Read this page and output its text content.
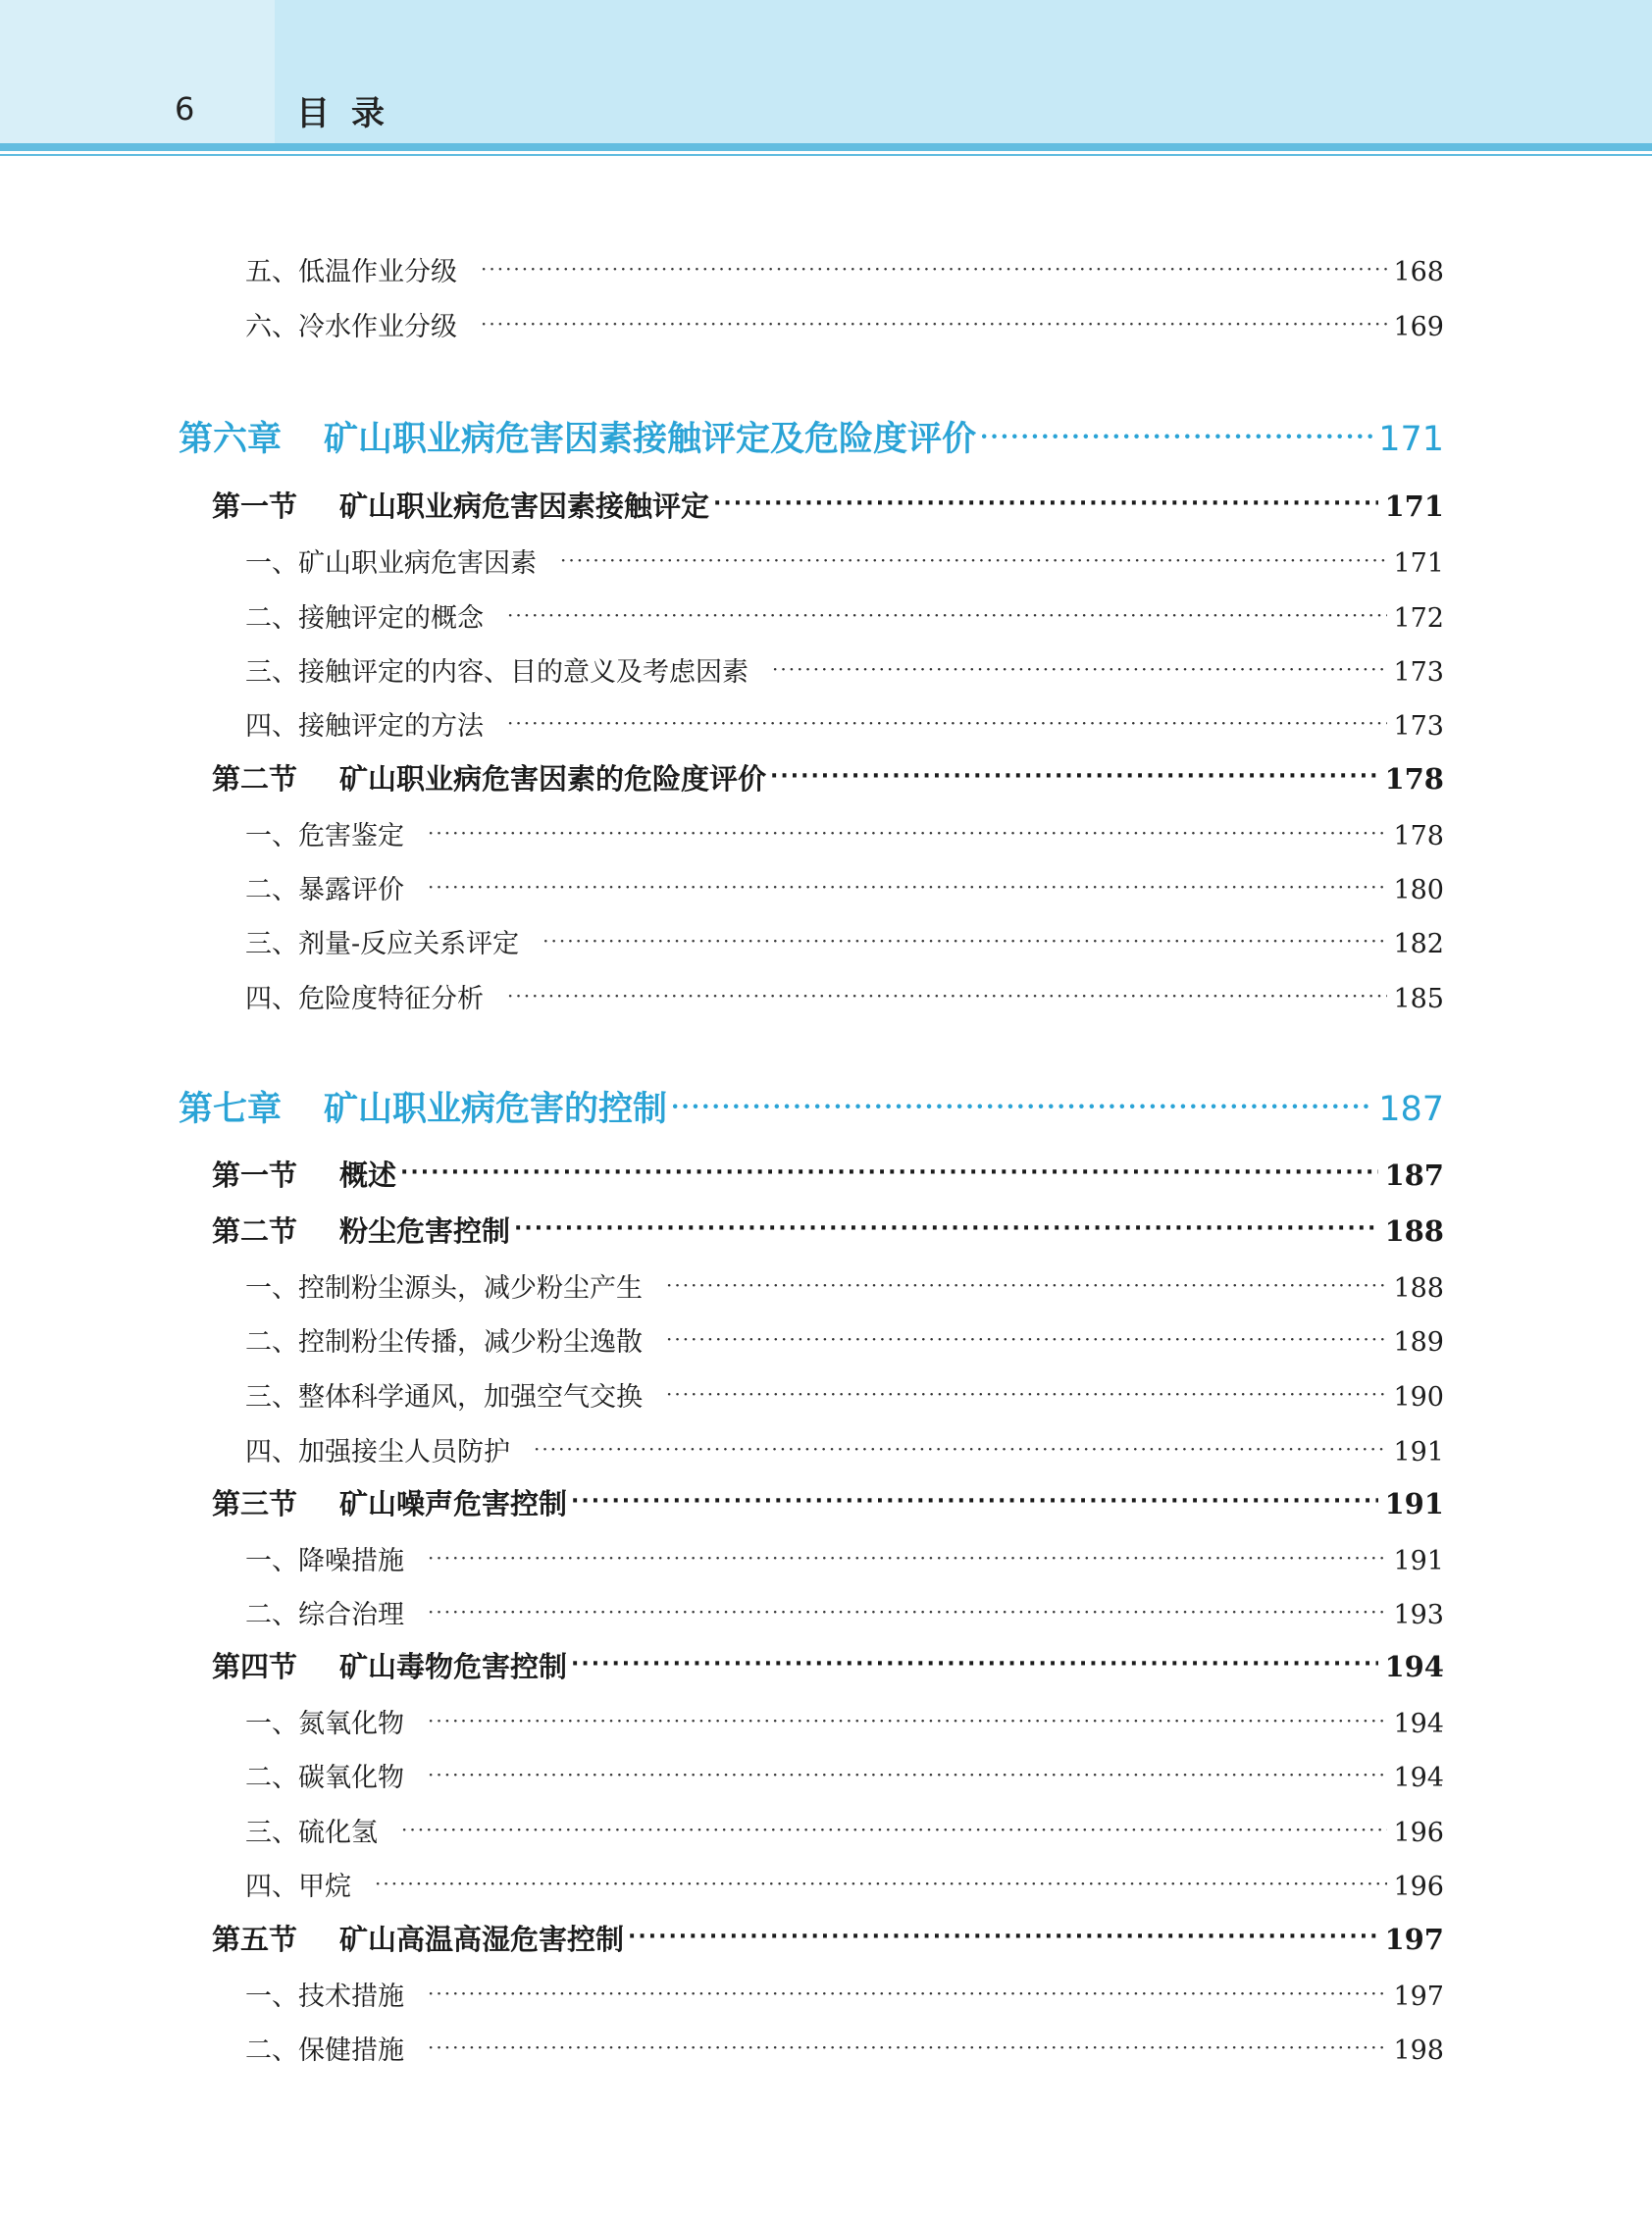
6	目录
五、低温作业分级 ·····	168
六、冷水作业分级 ·····	169
第六章 矿山职业病危害因素接触评定及危险度评价 ·····	171
第一节 矿山职业病危害因素接触评定 ·····	171
一、矿山职业病危害因素 ·····	171
二、接触评定的概念 ·····	172
三、接触评定的内容、目的意义及考虑因素 ·····	173
四、接触评定的方法 ·····	173
第二节 矿山职业病危害因素的危险度评价 ·····	178
一、危害鉴定 ·····	178
二、暴露评价 ·····	180
三、剂量-反应关系评定 ·····	182
四、危险度特征分析 ·····	185
第七章 矿山职业病危害的控制 ·····	187
第一节 概述 ·····	187
第二节 粉尘危害控制 ·····	188
一、控制粉尘源头，减少粉尘产生 ·····	188
二、控制粉尘传播，减少粉尘逸散 ·····	189
三、整体科学通风，加强空气交换 ·····	190
四、加强接尘人员防护 ·····	191
第三节 矿山噪声危害控制 ·····	191
一、降噪措施 ·····	191
二、综合治理 ·····	193
第四节 矿山毒物危害控制 ·····	194
一、氮氧化物 ·····	194
二、碳氧化物 ·····	194
三、硫化氢 ·····	196
四、甲烷 ·····	196
第五节 矿山高温高湿危害控制 ·····	197
一、技术措施 ·····	197
二、保健措施 ·····	198
